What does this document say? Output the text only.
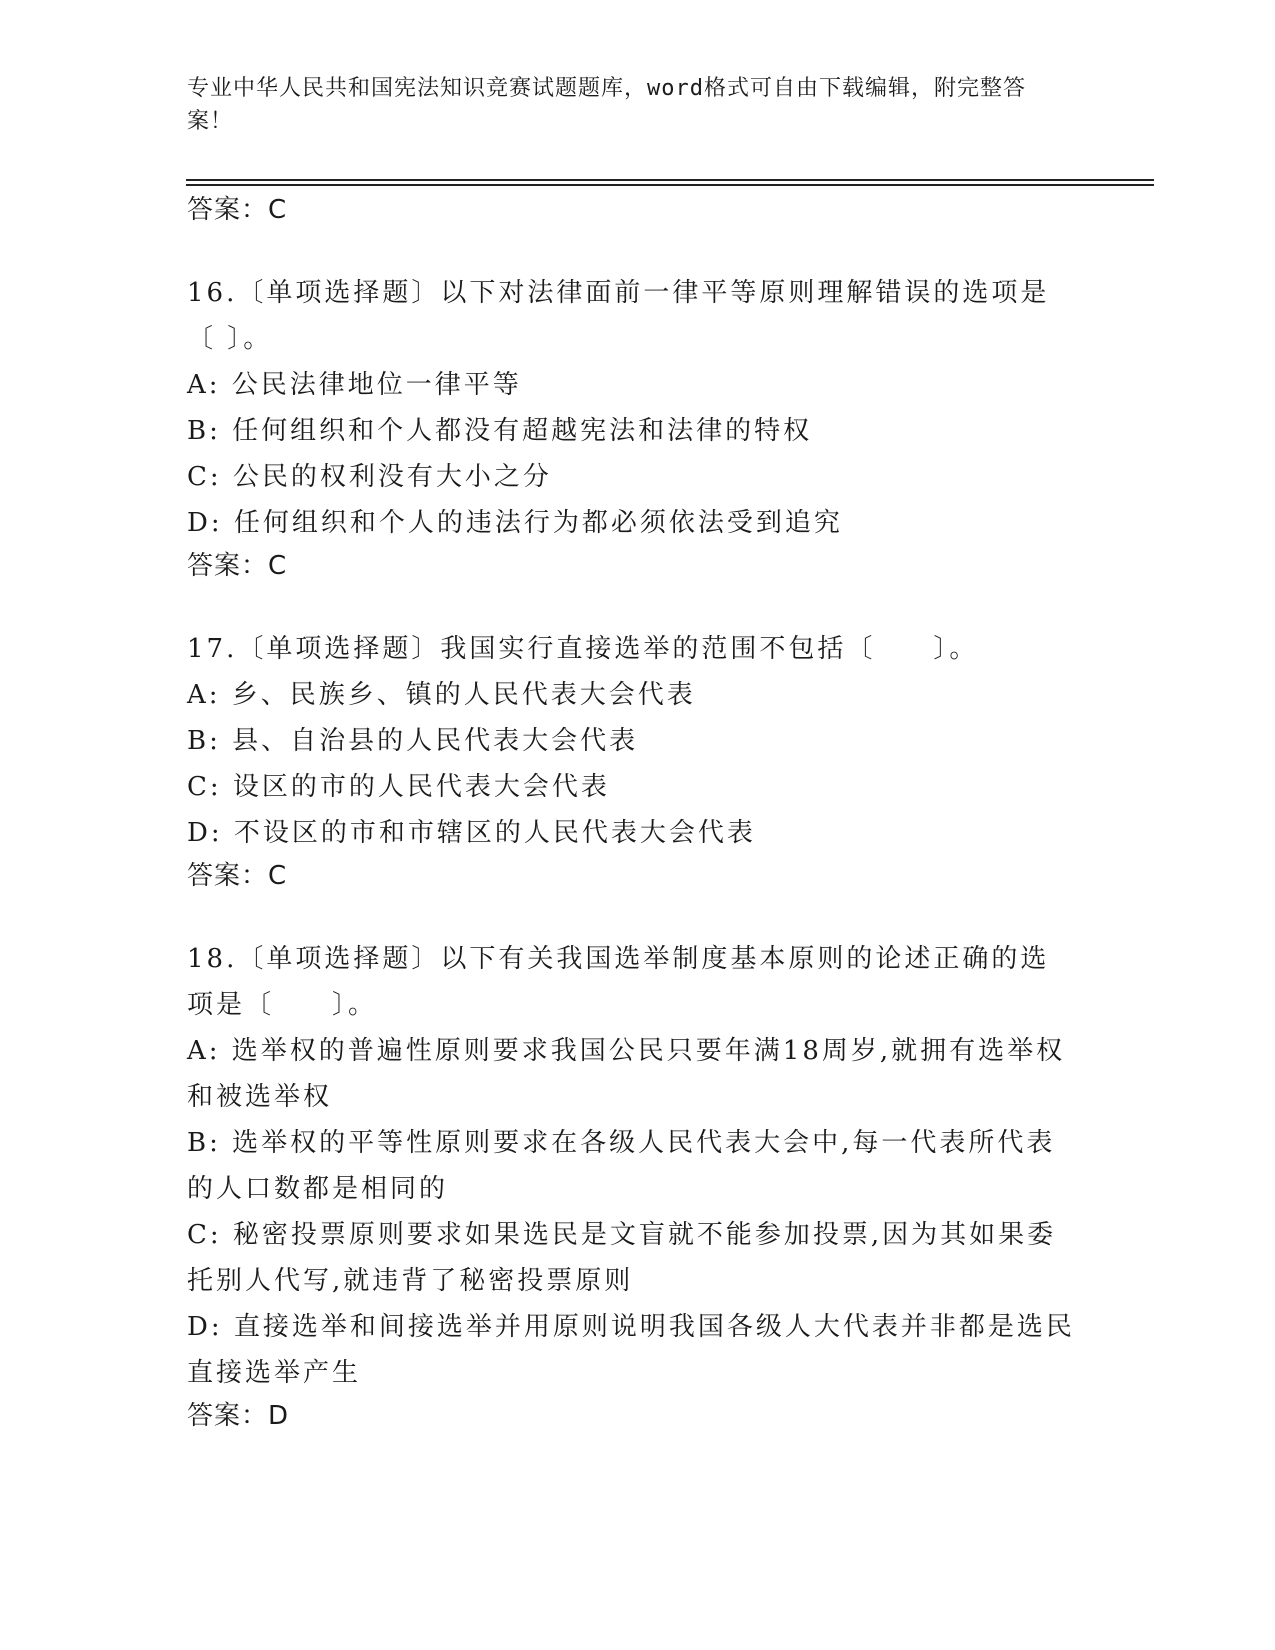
专业中华人民共和国宪法知识竞赛试题题库，word格式可自由下载编辑，附完整答案！
答案：C

16.〔单项选择题〕以下对法律面前一律平等原则理解错误的选项是〔 〕。

A: 公民法律地位一律平等

B: 任何组织和个人都没有超越宪法和法律的特权

C: 公民的权利没有大小之分

D: 任何组织和个人的违法行为都必须依法受到追究

答案：C

17.〔单项选择题〕我国实行直接选举的范围不包括〔　　〕。

A: 乡、民族乡、镇的人民代表大会代表

B: 县、自治县的人民代表大会代表

C: 设区的市的人民代表大会代表

D: 不设区的市和市辖区的人民代表大会代表

答案：C

18.〔单项选择题〕以下有关我国选举制度基本原则的论述正确的选项是〔　　〕。

A: 选举权的普遍性原则要求我国公民只要年满18周岁,就拥有选举权和被选举权

B: 选举权的平等性原则要求在各级人民代表大会中,每一代表所代表的人口数都是相同的

C: 秘密投票原则要求如果选民是文盲就不能参加投票,因为其如果委托别人代写,就违背了秘密投票原则

D: 直接选举和间接选举并用原则说明我国各级人大代表并非都是选民直接选举产生

答案：D
